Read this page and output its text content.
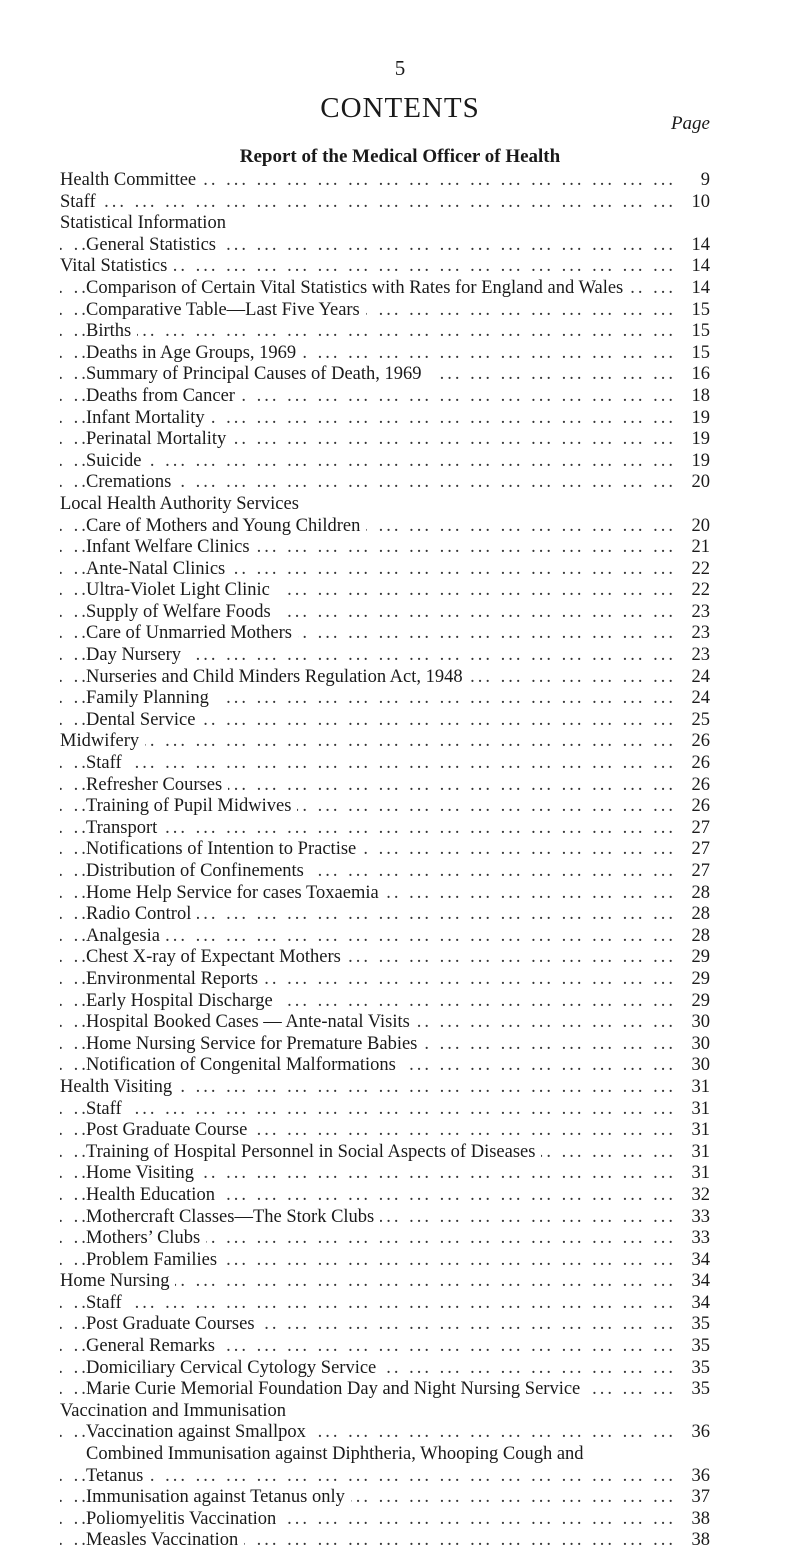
5
CONTENTS	Page
Report of the Medical Officer of Health
... .
Health Committee	9
... .
Staff	10
Statistical Information
... .
General Statistics	14
... .
Vital Statistics	14
... .
Comparison of Certain Vital Statistics with Rates for England and Wales	14
... .
Comparative Table—Last Five Years	15
... .
Births	15
... .
Deaths in Age Groups, 1969	15
... .
Summary of Principal Causes of Death, 1969	16
... .
Deaths from Cancer	18
... .
Infant Mortality	19
... .
Perinatal Mortality	19
... .
Suicide	19
... .
Cremations	20
Local Health Authority Services
... .
Care of Mothers and Young Children	20
... .
Infant Welfare Clinics	21
... .
Ante-Natal Clinics	22
... .
Ultra-Violet Light Clinic	22
... .
Supply of Welfare Foods	23
... .
Care of Unmarried Mothers	23
... .
Day Nursery	23
... .
Nurseries and Child Minders Regulation Act, 1948	24
... .
Family Planning	24
... .
Dental Service	25
... .
Midwifery	26
... .
Staff	26
... .
Refresher Courses	26
... .
Training of Pupil Midwives	26
... .
Transport	27
... .
Notifications of Intention to Practise	27
... .
Distribution of Confinements	27
... .
Home Help Service for cases Toxaemia	28
... .
Radio Control	28
... .
Analgesia	28
... .
Chest X-ray of Expectant Mothers	29
... .
Environmental Reports	29
... .
Early Hospital Discharge	29
... .
Hospital Booked Cases — Ante-natal Visits	30
... .
Home Nursing Service for Premature Babies	30
... .
Notification of Congenital Malformations	30
... .
Health Visiting	31
... .
Staff	31
... .
Post Graduate Course	31
... .
Training of Hospital Personnel in Social Aspects of Diseases	31
... .
Home Visiting	31
... .
Health Education	32
... .
Mothercraft Classes—The Stork Clubs	33
... .
Mothers’ Clubs	33
... .
Problem Families	34
... .
Home Nursing	34
... .
Staff	34
... .
Post Graduate Courses	35
... .
General Remarks	35
... .
Domiciliary Cervical Cytology Service	35
... .
Marie Curie Memorial Foundation Day and Night Nursing Service	35
Vaccination and Immunisation
... .
Vaccination against Smallpox	36
Combined Immunisation against Diphtheria, Whooping Cough and
... .
Tetanus	36
... .
Immunisation against Tetanus only	37
... .
Poliomyelitis Vaccination	38
... .
Measles Vaccination	38
